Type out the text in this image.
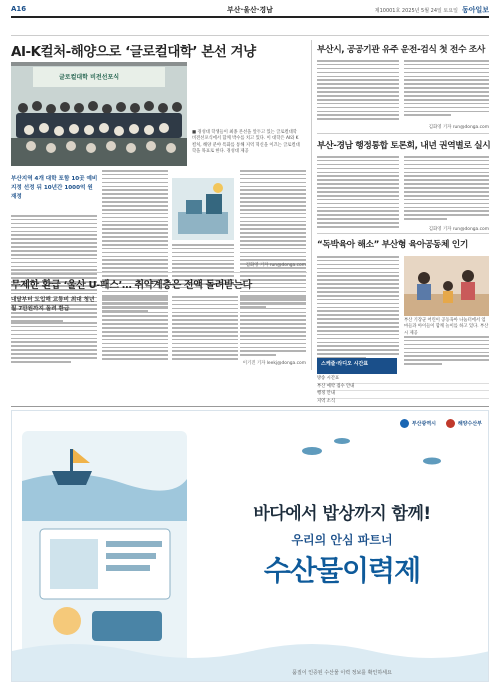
A16	부산·울산·경남	제10001호 2025년 5월 24일 토요일 동아일보
AI-K컬처-해양으로 ‘글로컬대학’ 본선 겨냥
글로컬대학 비전선포식
■ 경성대 학생들이 최종 본선을 앞두고 있는 글로컬대학 비전선포식에서 함께 박수를 치고 있다. 이 대학은 AI와 K컬처, 해양 분야 특화를 통해 지역 혁신을 이끄는 글로컬대학을 목표로 한다. 경성대 제공
부산지역 4개 대학 포함 10곳 예비지정 선정 뒤 10년간 1000억 원 재정
김화영 기자 run@donga.com
부산시, 공공기관 유주 운전-검식 첫 전수 조사
김화영 기자 run@donga.com
부산-경남 행정통합 토론회, 내년 권역별로 실시
김화영 기자 run@donga.com
“독박육아 해소” 부산형 육아공동체 인기
부산 기장군 어린이 공동육아 나눔터에서 엄마들과 아이들이 함께 놀이를 하고 있다. 부산시 제공
무제한 환급 ‘울산 U-패스’… 취약계층은 전액 돌려받는다
내달부터 도입해 교통비 최대 청년 월 7만원까지 돌려 환급
이기진 기자 leekj@donga.com	스케줄·라디오 시간표
방송 시간표
부산 예약 접수 안내
행정 안내
지역 소식
부산광역시	해양수산부
바다에서 밥상까지 함께!
우리의 안심 파트너
수산물이력제
품질이 인증된 수산물 이력 정보를 확인하세요
